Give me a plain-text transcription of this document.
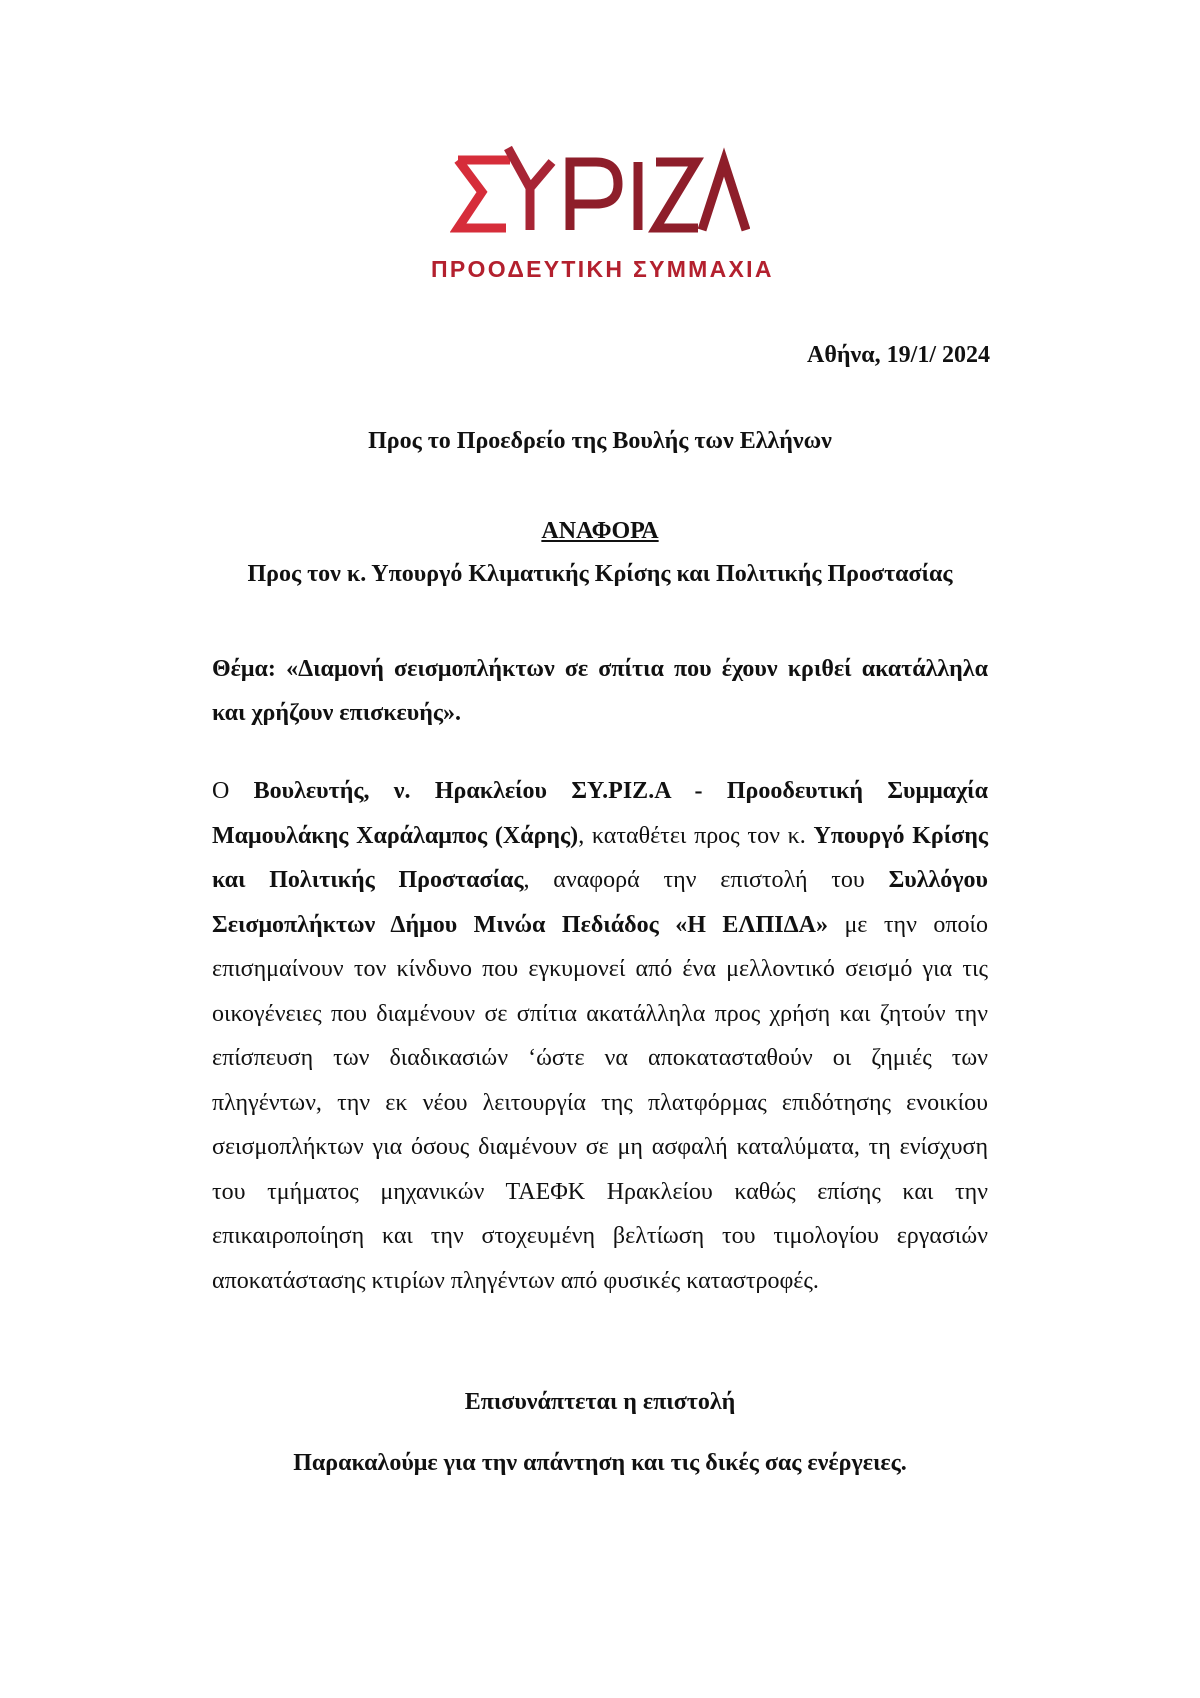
ΠΡΟΟΔΕΥΤΙΚΗ ΣΥΜΜΑΧΙΑ
Αθήνα, 19/1/ 2024
Προς το Προεδρείο της Βουλής των Ελλήνων
ΑΝΑΦΟΡΑ
Προς τον κ. Υπουργό Κλιματικής Κρίσης και Πολιτικής Προστασίας
Θέμα: «Διαμονή σεισμοπλήκτων σε σπίτια που έχουν κριθεί ακατάλληλα και χρήζουν επισκευής».
Ο Βουλευτής, ν. Ηρακλείου ΣΥ.ΡΙΖ.Α - Προοδευτική Συμμαχία Μαμουλάκης Χαράλαμπος (Χάρης), καταθέτει προς τον κ. Υπουργό Κρίσης και Πολιτικής Προστασίας, αναφορά την επιστολή του Συλλόγου Σεισμοπλήκτων Δήμου Μινώα Πεδιάδος «Η ΕΛΠΙΔΑ» με την οποίο επισημαίνουν τον κίνδυνο που εγκυμονεί από ένα μελλοντικό σεισμό για τις οικογένειες που διαμένουν σε σπίτια ακατάλληλα προς χρήση και ζητούν την επίσπευση των διαδικασιών ‘ώστε να αποκατασταθούν οι ζημιές των πληγέντων, την εκ νέου λειτουργία της πλατφόρμας επιδότησης ενοικίου σεισμοπλήκτων για όσους διαμένουν σε μη ασφαλή καταλύματα, τη ενίσχυση του τμήματος μηχανικών ΤΑΕΦΚ Ηρακλείου καθώς επίσης και την επικαιροποίηση και την στοχευμένη βελτίωση του τιμολογίου εργασιών αποκατάστασης κτιρίων πληγέντων από φυσικές καταστροφές.
Επισυνάπτεται η επιστολή
Παρακαλούμε για την απάντηση και τις δικές σας ενέργειες.
